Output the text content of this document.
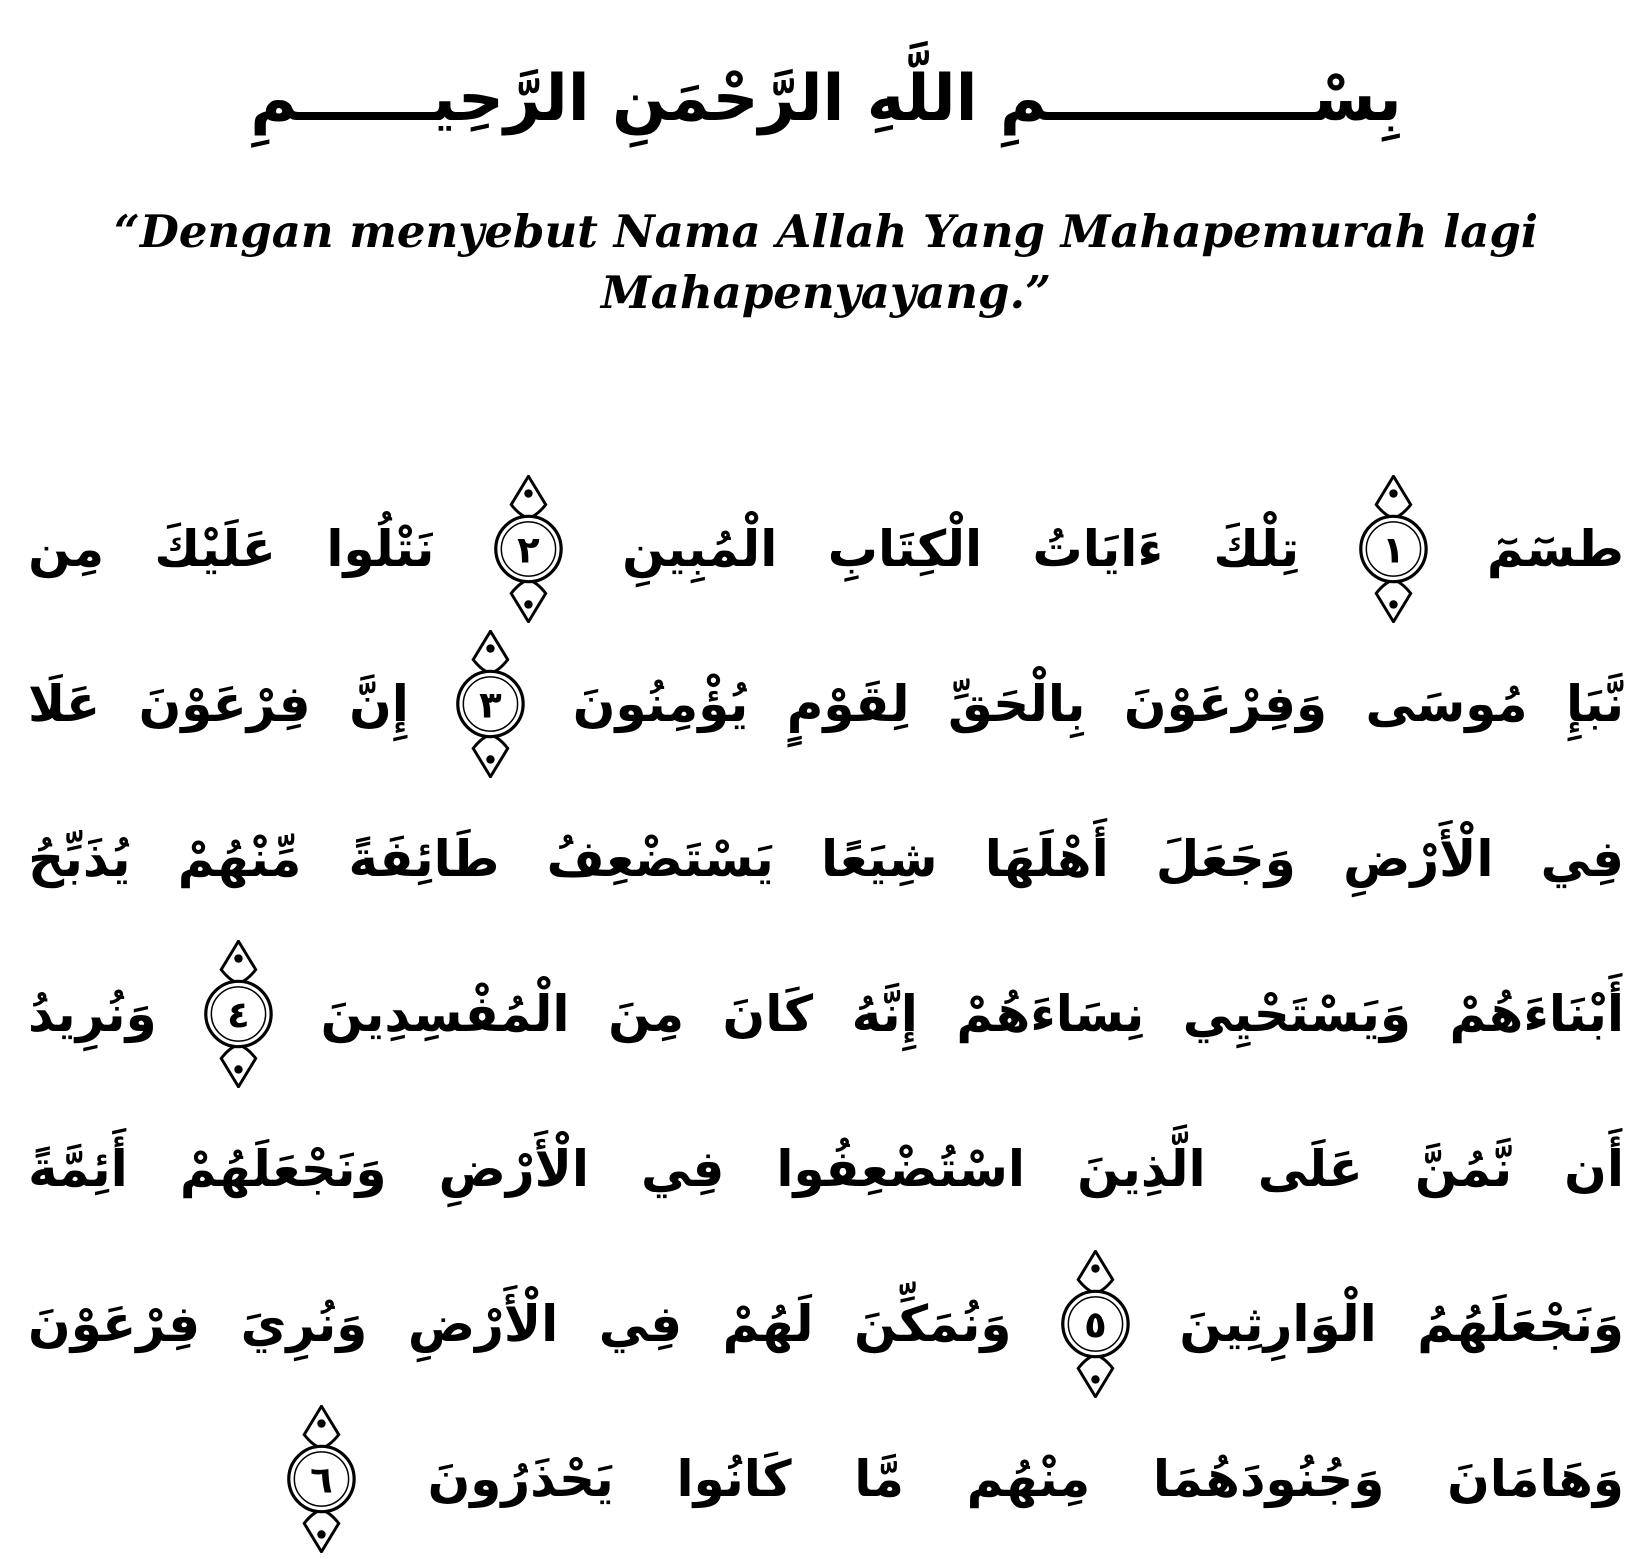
بِسْــــــــــــمِ اللَّهِ الرَّحْمَنِ الرَّحِيــــــمِ
“Dengan menyebut Nama Allah Yang Mahapemurah lagi
Mahapenyayang.”
طسٓمٓ
١
تِلْكَ
ءَايَاتُ
الْكِتَابِ
الْمُبِينِ
٢
نَتْلُوا
عَلَيْكَ
مِن
نَّبَإِ
مُوسَى
وَفِرْعَوْنَ
بِالْحَقِّ
لِقَوْمٍ
يُؤْمِنُونَ
٣
إِنَّ
فِرْعَوْنَ
عَلَا
فِي
الْأَرْضِ
وَجَعَلَ
أَهْلَهَا
شِيَعًا
يَسْتَضْعِفُ
طَائِفَةً
مِّنْهُمْ
يُذَبِّحُ
أَبْنَاءَهُمْ
وَيَسْتَحْيِي
نِسَاءَهُمْ
إِنَّهُ
كَانَ
مِنَ
الْمُفْسِدِينَ
٤
وَنُرِيدُ
أَن
نَّمُنَّ
عَلَى
الَّذِينَ
اسْتُضْعِفُوا
فِي
الْأَرْضِ
وَنَجْعَلَهُمْ
أَئِمَّةً
وَنَجْعَلَهُمُ
الْوَارِثِينَ
٥
وَنُمَكِّنَ
لَهُمْ
فِي
الْأَرْضِ
وَنُرِيَ
فِرْعَوْنَ
وَهَامَانَ
وَجُنُودَهُمَا
مِنْهُم
مَّا
كَانُوا
يَحْذَرُونَ
٦
